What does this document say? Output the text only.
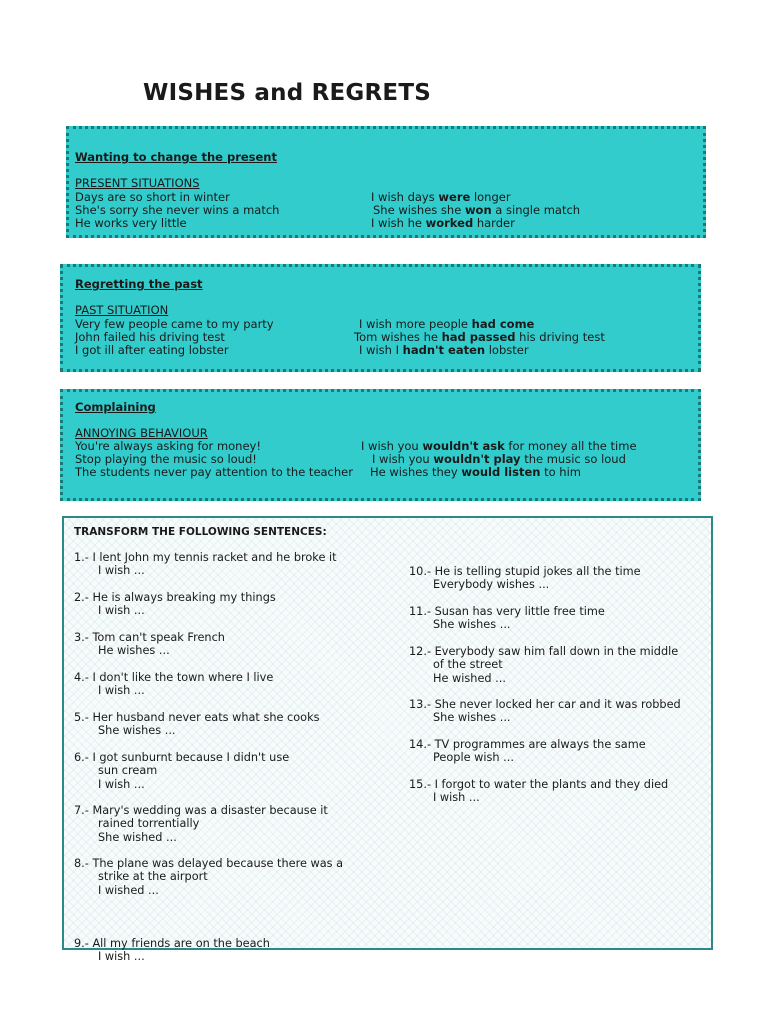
WISHES and REGRETS
Wanting to change the present
PRESENT SITUATIONS
Days are so short in winter
She's sorry she never wins a match
He works very little
I wish days were longer
She wishes she won a single match
I wish he worked harder
Regretting the past
PAST SITUATION
Very few people came to my party
John failed his driving test
I got ill after eating lobster
I wish more people had come
Tom wishes he had passed his driving test
I wish I hadn't eaten lobster
Complaining
ANNOYING BEHAVIOUR
You're always asking for money!
Stop playing the music so loud!
The students never pay attention to the teacher
I wish you wouldn't ask for money all the time
I wish you wouldn't play the music so loud
He wishes they would listen to him
TRANSFORM THE FOLLOWING SENTENCES:
1.- I lent John my tennis racket and he broke it
I wish ...
2.- He is always breaking my things
I wish ...
3.- Tom can't speak French
He wishes ...
4.- I don't like the town where I live
I wish ...
5.- Her husband never eats what she cooks
She wishes ...
6.- I got sunburnt because I didn't use
sun cream
I wish ...
7.- Mary's wedding was a disaster because it
rained torrentially
She wished ...
8.- The plane was delayed because there was a
strike at the airport
I wished ...
9.- All my friends are on the beach
I wish ...
10.- He is telling stupid jokes all the time
Everybody wishes ...
11.- Susan has very little free time
She wishes ...
12.- Everybody saw him fall down in the middle
of the street
He wished ...
13.- She never locked her car and it was robbed
She wishes ...
14.- TV programmes are always the same
People wish ...
15.- I forgot to water the plants and they died
I wish ...
